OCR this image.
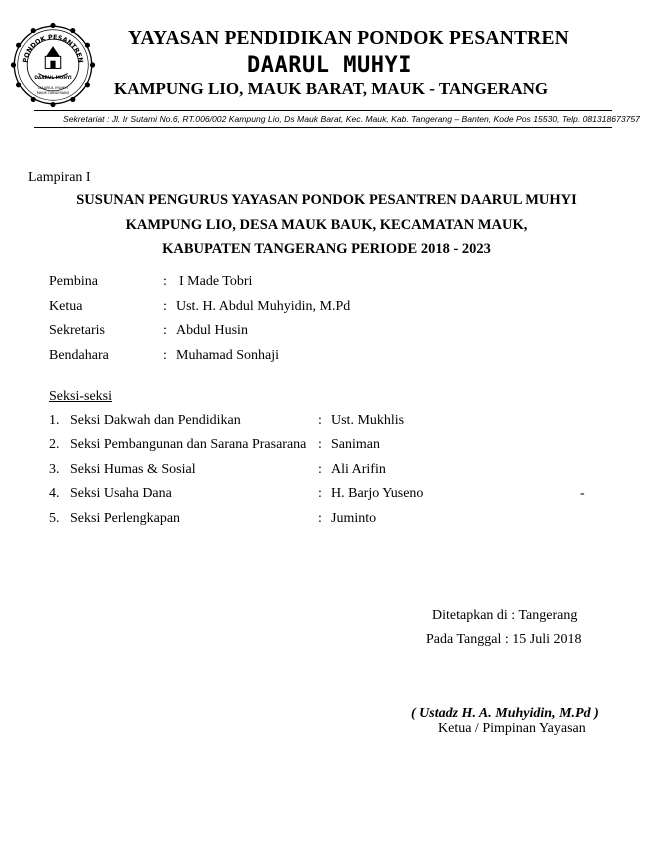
PONDOK PESANTREN
DAARUL MUHYI
DAARUL MUHYI
MAUK TANGERANG
YAYASAN PENDIDIKAN PONDOK PESANTREN
DAARUL MUHYI
KAMPUNG LIO, MAUK BARAT, MAUK - TANGERANG
Sekretariat : Jl. Ir Sutami No.6, RT.006/002 Kampung Lio, Ds Mauk Barat, Kec. Mauk, Kab. Tangerang – Banten, Kode Pos 15530, Telp. 081318673757
Lampiran I
SUSUNAN PENGURUS YAYASAN PONDOK PESANTREN DAARUL MUHYI
KAMPUNG LIO, DESA MAUK BAUK, KECAMATAN MAUK,
KABUPATEN TANGERANG PERIODE 2018 - 2023
Pembina	: I Made Tobri
Ketua	: Ust. H. Abdul Muhyidin, M.Pd
Sekretaris	: Abdul Husin
Bendahara	: Muhamad Sonhaji
Seksi-seksi
1. Seksi Dakwah dan Pendidikan	: Ust. Mukhlis
2. Seksi Pembangunan dan Sarana Prasarana : Saniman
3. Seksi Humas & Sosial	: Ali Arifin
4. Seksi Usaha Dana	: H. Barjo Yuseno
5. Seksi Perlengkapan	: Juminto
-
Ditetapkan di : Tangerang
Pada Tanggal : 15 Juli 2018
( Ustadz H. A. Muhyidin, M.Pd )
Ketua / Pimpinan Yayasan
